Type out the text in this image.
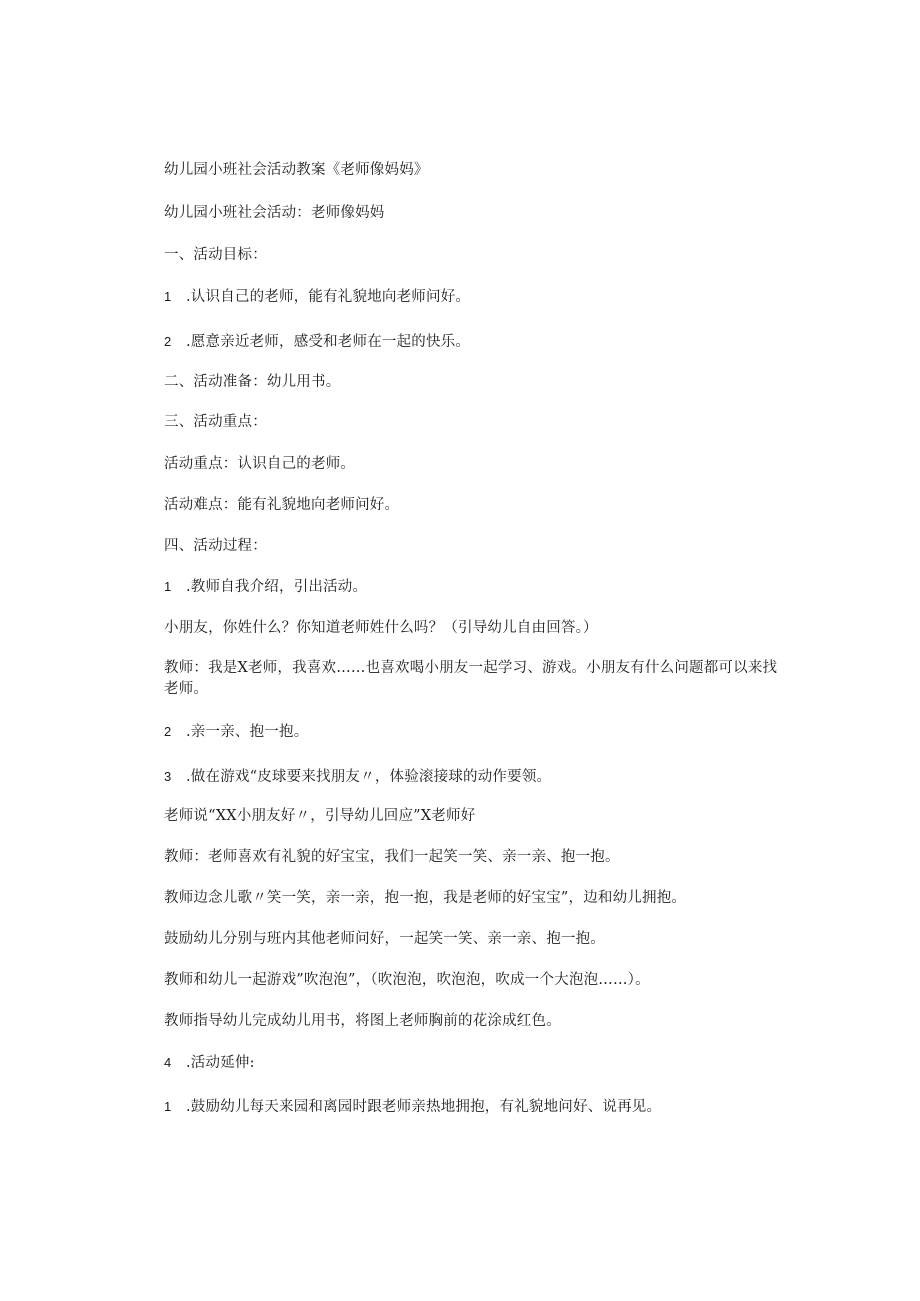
幼儿园小班社会活动教案《老师像妈妈》
幼儿园小班社会活动：老师像妈妈
一、活动目标：
1 .认识自己的老师，能有礼貌地向老师问好。
2 .愿意亲近老师，感受和老师在一起的快乐。
二、活动准备：幼儿用书。
三、活动重点：
活动重点：认识自己的老师。
活动难点：能有礼貌地向老师问好。
四、活动过程：
1 .教师自我介绍，引出活动。
小朋友，你姓什么？你知道老师姓什么吗？（引导幼儿自由回答。）
教师：我是X老师，我喜欢……也喜欢喝小朋友一起学习、游戏。小朋友有什么问题都可以来找老师。
2 .亲一亲、抱一抱。
3 .做在游戏“皮球要来找朋友〃，体验滚接球的动作要领。
老师说“XX小朋友好〃，引导幼儿回应”X老师好
教师：老师喜欢有礼貌的好宝宝，我们一起笑一笑、亲一亲、抱一抱。
教师边念儿歌〃笑一笑，亲一亲，抱一抱，我是老师的好宝宝”，边和幼儿拥抱。
鼓励幼儿分别与班内其他老师问好，一起笑一笑、亲一亲、抱一抱。
教师和幼儿一起游戏”吹泡泡”，（吹泡泡，吹泡泡，吹成一个大泡泡……）。
教师指导幼儿完成幼儿用书，将图上老师胸前的花涂成红色。
4 .活动延伸:
1 .鼓励幼儿每天来园和离园时跟老师亲热地拥抱，有礼貌地问好、说再见。
